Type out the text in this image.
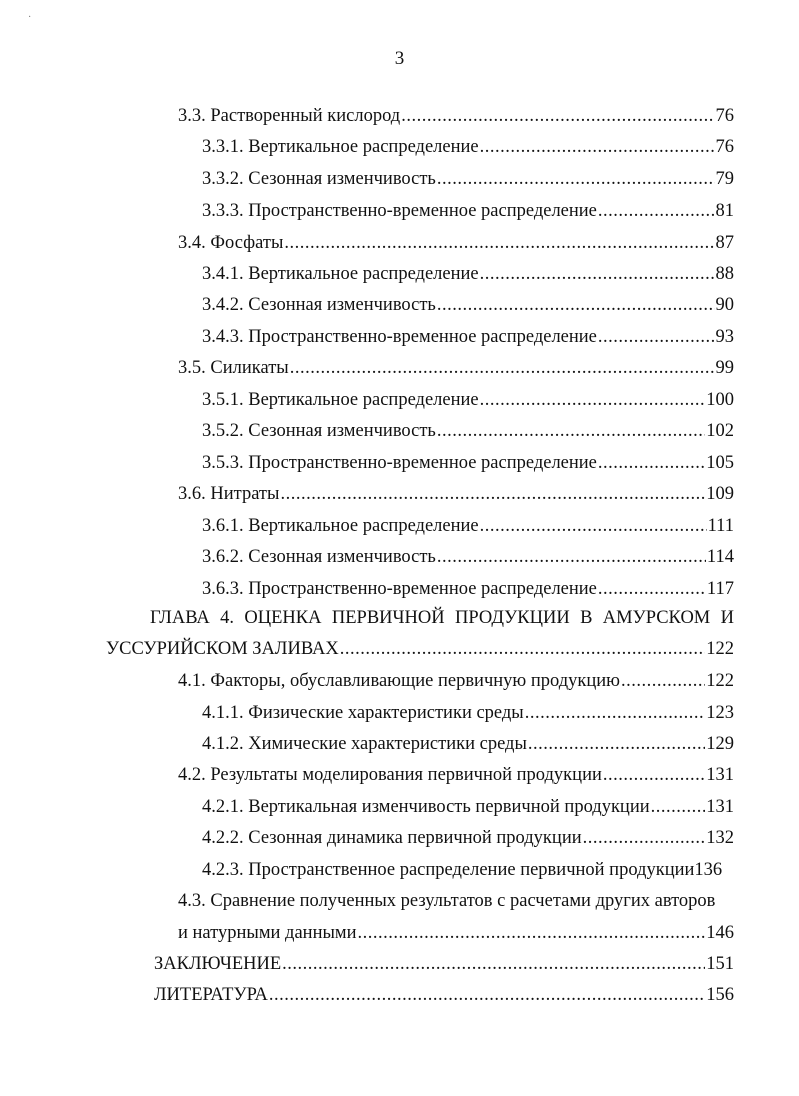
·
3
3.3. Растворенный кислород .....	76
3.3.1. Вертикальное распределение .....	76
3.3.2. Сезонная изменчивость .....	79
3.3.3. Пространственно-временное распределение .....	81
3.4. Фосфаты .....	87
3.4.1. Вертикальное распределение .....	88
3.4.2. Сезонная изменчивость .....	90
3.4.3. Пространственно-временное распределение .....	93
3.5. Силикаты .....	99
3.5.1. Вертикальное распределение .....	100
3.5.2. Сезонная изменчивость .....	102
3.5.3. Пространственно-временное распределение .....	105
3.6. Нитраты .....	109
3.6.1. Вертикальное распределение .....	111
3.6.2. Сезонная изменчивость .....	114
3.6.3. Пространственно-временное распределение .....	117
ГЛАВА 4. ОЦЕНКА ПЕРВИЧНОЙ ПРОДУКЦИИ В АМУРСКОМ И
УССУРИЙСКОМ ЗАЛИВАХ .....	122
4.1. Факторы, обуславливающие первичную продукцию .....	122
4.1.1. Физические характеристики среды .....	123
4.1.2. Химические характеристики среды .....	129
4.2. Результаты моделирования первичной продукции .....	131
4.2.1. Вертикальная изменчивость первичной продукции .....	131
4.2.2. Сезонная динамика первичной продукции .....	132
4.2.3. Пространственное распределение первичной продукции 136
4.3. Сравнение полученных результатов с расчетами других авторов
и натурными данными .....	146
ЗАКЛЮЧЕНИЕ .....	151
ЛИТЕРАТУРА .....	156
